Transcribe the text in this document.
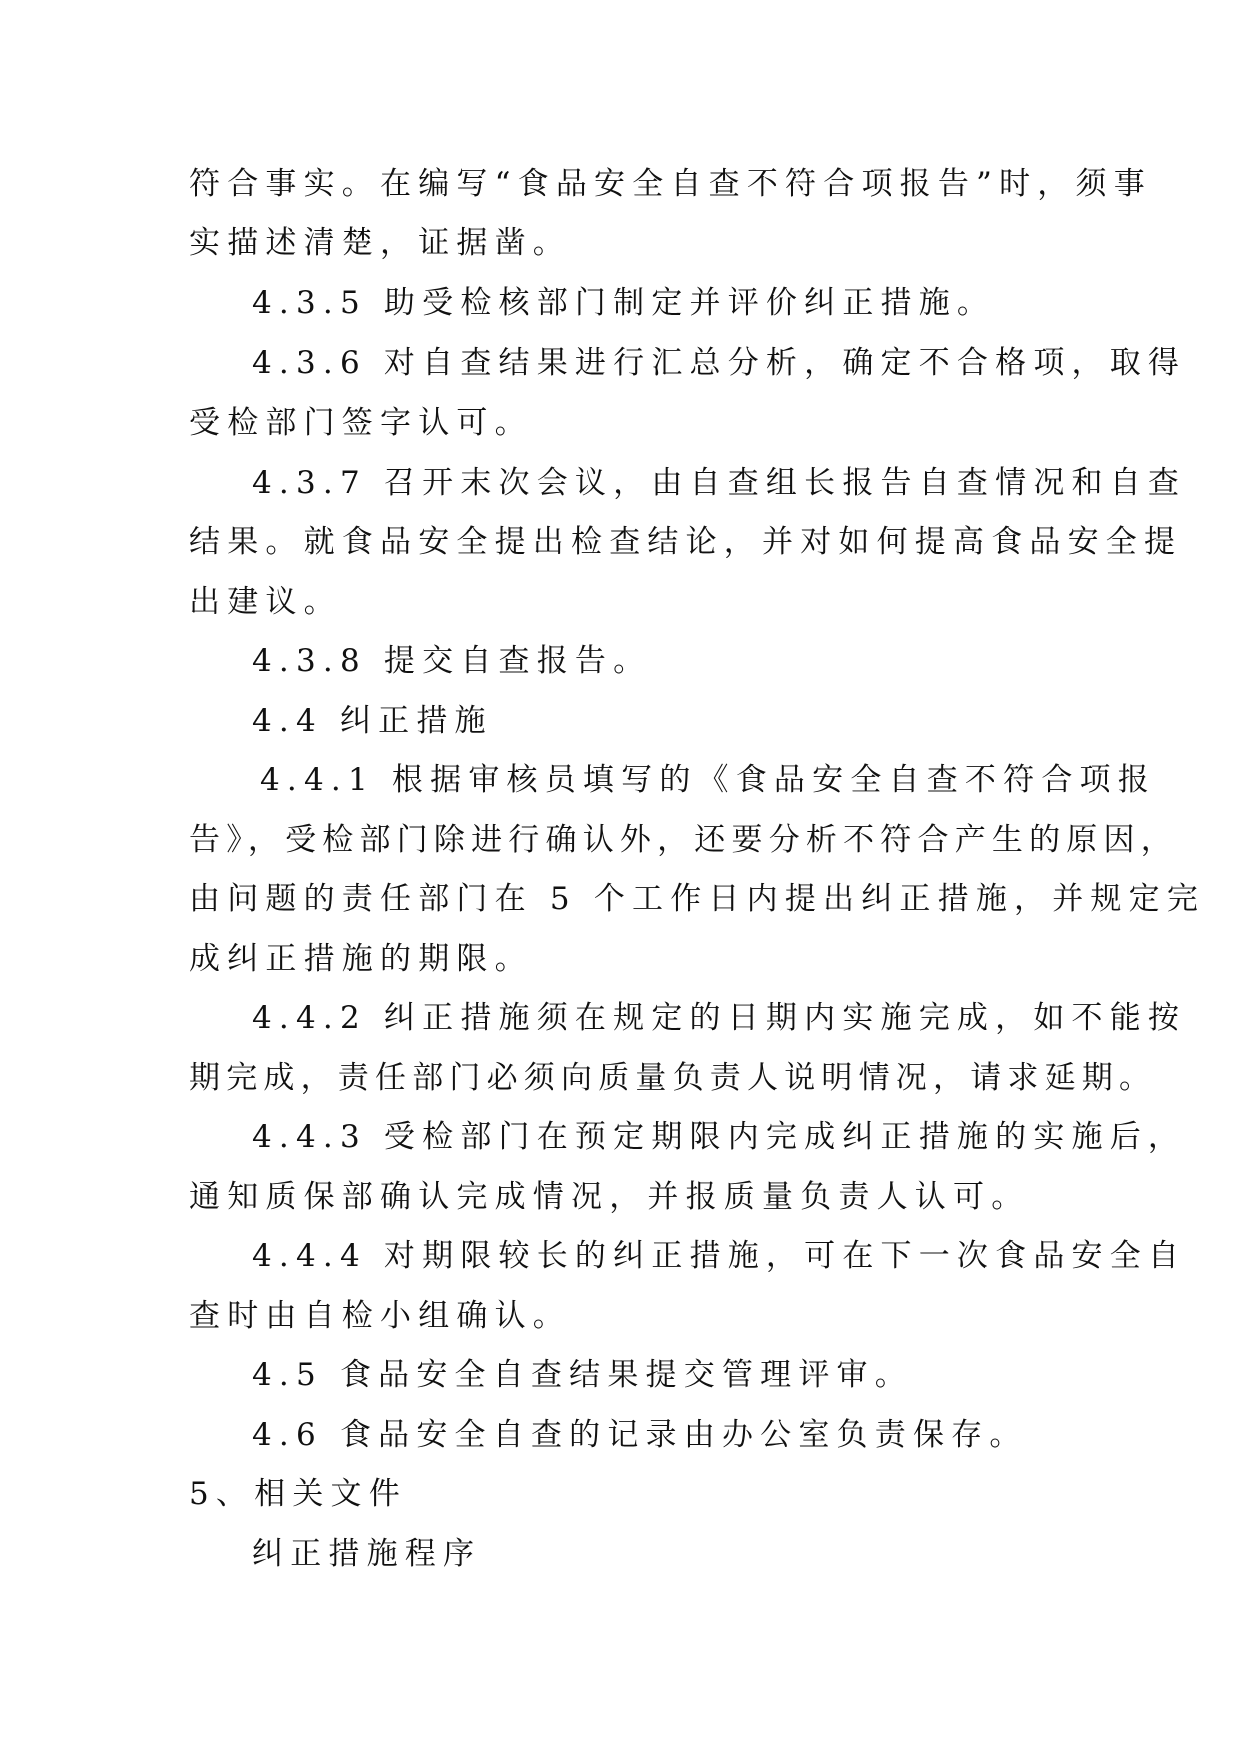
符合事实。在编写“食品安全自查不符合项报告”时，须事
实描述清楚，证据凿。
4.3.5 助受检核部门制定并评价纠正措施。
4.3.6 对自查结果进行汇总分析，确定不合格项，取得
受检部门签字认可。
4.3.7 召开末次会议，由自查组长报告自查情况和自查
结果。就食品安全提出检查结论，并对如何提高食品安全提
出建议。
4.3.8 提交自查报告。
4.4 纠正措施
4.4.1 根据审核员填写的《食品安全自查不符合项报
告》，受检部门除进行确认外，还要分析不符合产生的原因，
由问题的责任部门在 5 个工作日内提出纠正措施，并规定完
成纠正措施的期限。
4.4.2 纠正措施须在规定的日期内实施完成，如不能按
期完成，责任部门必须向质量负责人说明情况，请求延期。
4.4.3 受检部门在预定期限内完成纠正措施的实施后，
通知质保部确认完成情况，并报质量负责人认可。
4.4.4 对期限较长的纠正措施，可在下一次食品安全自
查时由自检小组确认。
4.5 食品安全自查结果提交管理评审。
4.6 食品安全自查的记录由办公室负责保存。
5、相关文件
纠正措施程序
